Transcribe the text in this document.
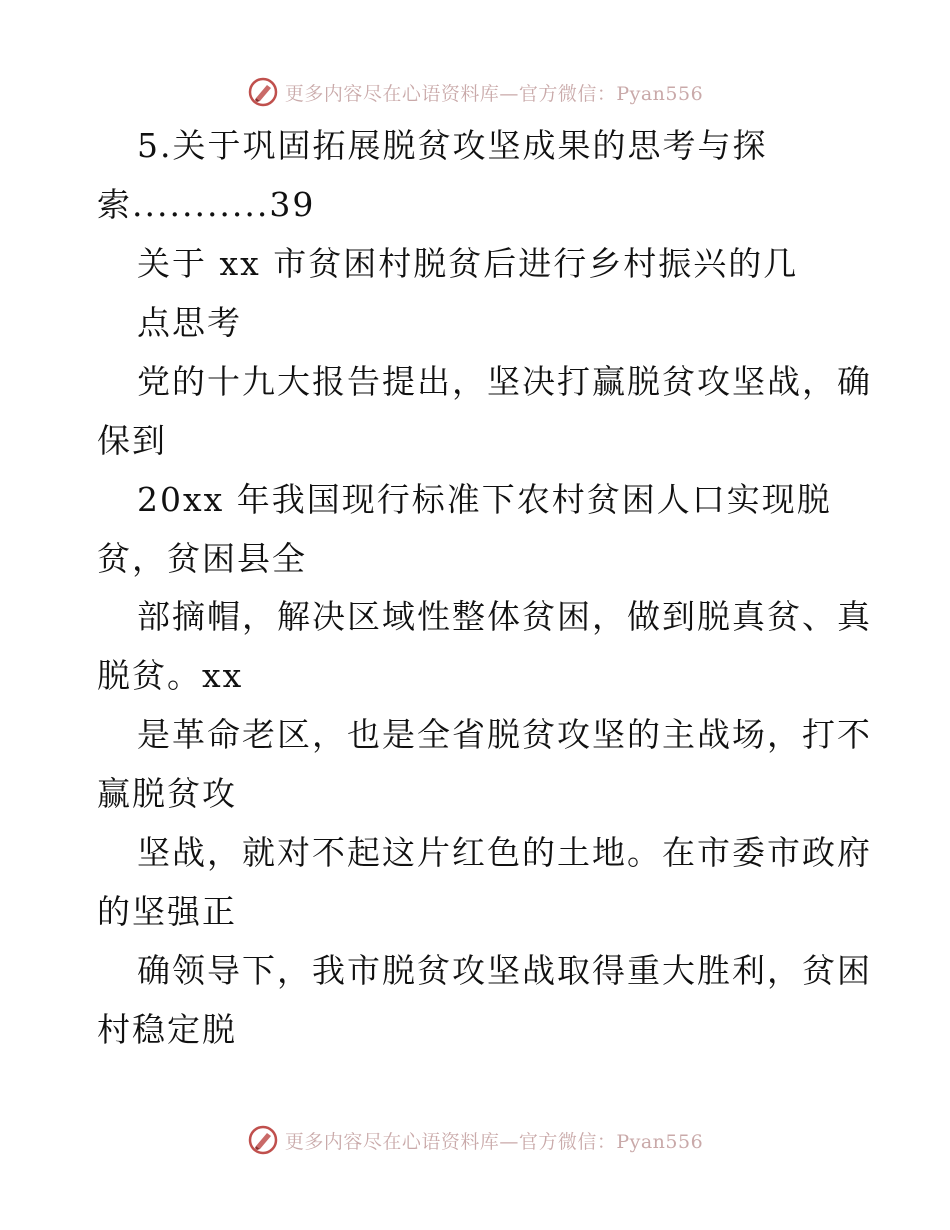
更多内容尽在心语资料库—官方微信：Pyan556
5.关于巩固拓展脱贫攻坚成果的思考与探
索...........39
关于 xx 市贫困村脱贫后进行乡村振兴的几
点思考
党的十九大报告提出，坚决打赢脱贫攻坚战，确
保到
20xx 年我国现行标准下农村贫困人口实现脱
贫，贫困县全
部摘帽，解决区域性整体贫困，做到脱真贫、真
脱贫。xx
是革命老区，也是全省脱贫攻坚的主战场，打不
赢脱贫攻
坚战，就对不起这片红色的土地。在市委市政府
的坚强正
确领导下，我市脱贫攻坚战取得重大胜利，贫困
村稳定脱
更多内容尽在心语资料库—官方微信：Pyan556
